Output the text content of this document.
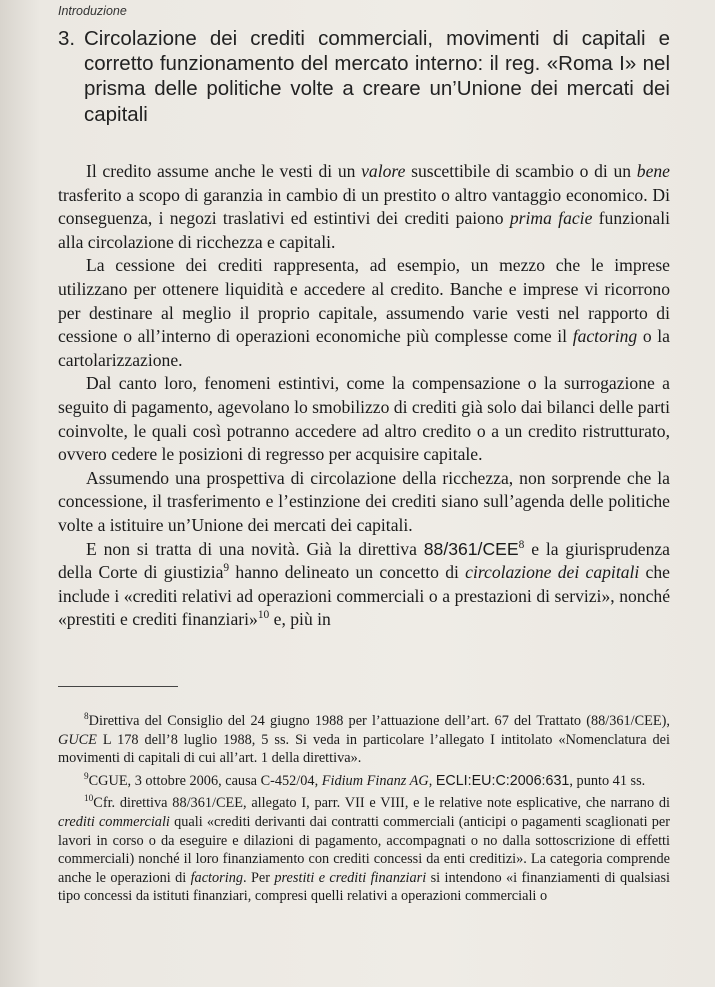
Introduzione
3. Circolazione dei crediti commerciali, movimenti di capitali e corretto funzionamento del mercato interno: il reg. «Roma I» nel prisma delle politiche volte a creare un’Unione dei mercati dei capitali

Il credito assume anche le vesti di un valore suscettibile di scambio o di un bene trasferito a scopo di garanzia in cambio di un prestito o altro vantaggio economico. Di conseguenza, i negozi traslativi ed estintivi dei crediti paiono prima facie funzionali alla circolazione di ricchezza e capitali.

La cessione dei crediti rappresenta, ad esempio, un mezzo che le imprese utilizzano per ottenere liquidità e accedere al credito. Banche e imprese vi ricorrono per destinare al meglio il proprio capitale, assumendo varie vesti nel rapporto di cessione o all’interno di operazioni economiche più complesse come il factoring o la cartolarizzazione.

Dal canto loro, fenomeni estintivi, come la compensazione o la surrogazione a seguito di pagamento, agevolano lo smobilizzo di crediti già solo dai bilanci delle parti coinvolte, le quali così potranno accedere ad altro credito o a un credito ristrutturato, ovvero cedere le posizioni di regresso per acquisire capitale.

Assumendo una prospettiva di circolazione della ricchezza, non sorprende che la concessione, il trasferimento e l’estinzione dei crediti siano sull’agenda delle politiche volte a istituire un’Unione dei mercati dei capitali.

E non si tratta di una novità. Già la direttiva 88/361/CEE$^8$ e la giurisprudenza della Corte di giustizia$^9$ hanno delineato un concetto di circolazione dei capitali che include i «crediti relativi ad operazioni commerciali o a prestazioni di servizi», nonché «prestiti e crediti finanziari»$^{10}$ e, più in

$^8$Direttiva del Consiglio del 24 giugno 1988 per l’attuazione dell’art. 67 del Trattato (88/361/CEE), GUCE L 178 dell’8 luglio 1988, 5 ss. Si veda in particolare l’allegato I intitolato «Nomenclatura dei movimenti di capitali di cui all’art. 1 della direttiva».

$^9$CGUE, 3 ottobre 2006, causa C-452/04, Fidium Finanz AG, ECLI:EU:C:2006:631, punto 41 ss.

$^{10}$Cfr. direttiva 88/361/CEE, allegato I, parr. VII e VIII, e le relative note esplicative, che narrano di crediti commerciali quali «crediti derivanti dai contratti commerciali (anticipi o pagamenti scaglionati per lavori in corso o da eseguire e dilazioni di pagamento, accompagnati o no dalla sottoscrizione di effetti commerciali) nonché il loro finanziamento con crediti concessi da enti creditizi». La categoria comprende anche le operazioni di factoring. Per prestiti e crediti finanziari si intendono «i finanziamenti di qualsiasi tipo concessi da istituti finanziari, compresi quelli relativi a operazioni commerciali o
